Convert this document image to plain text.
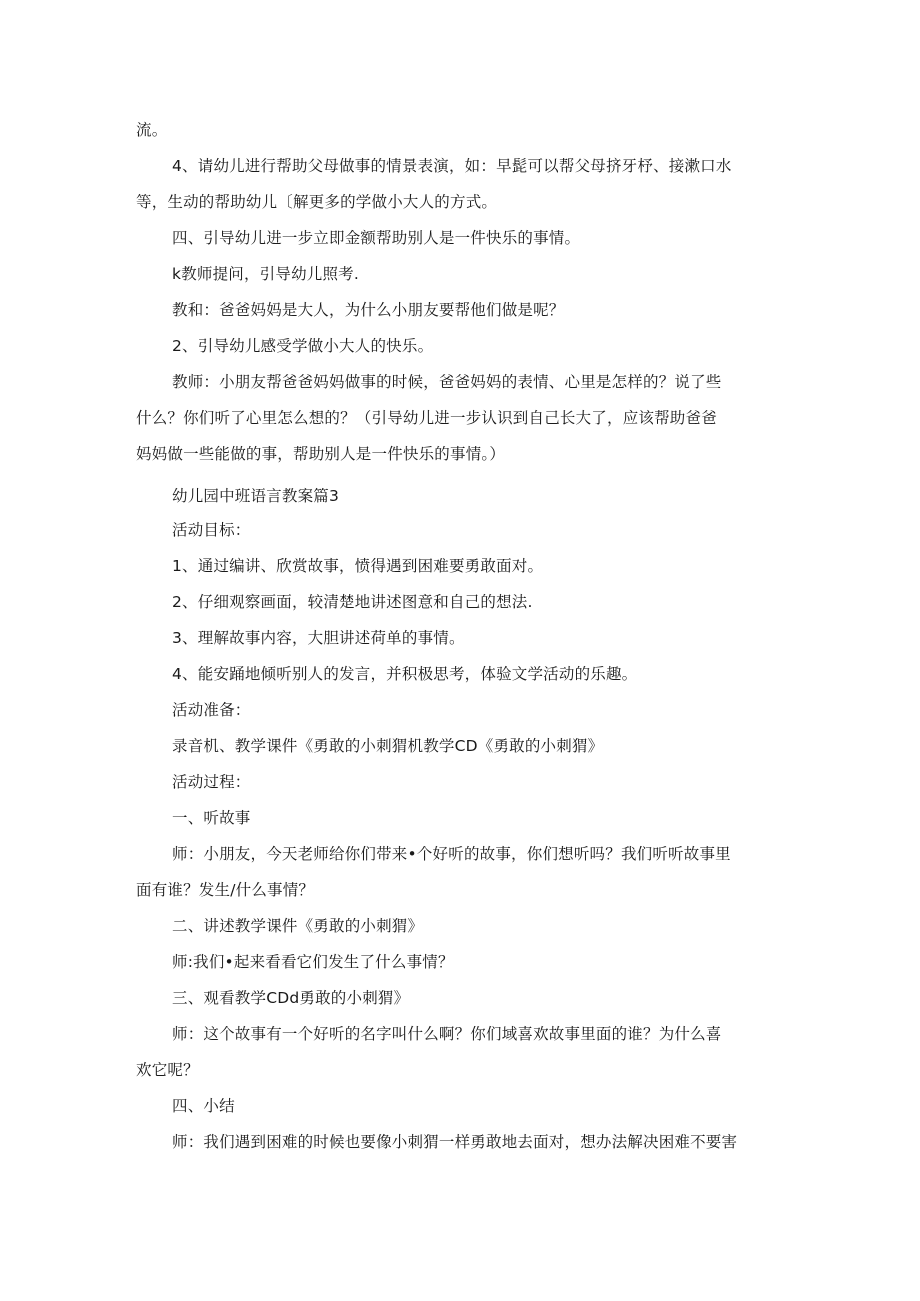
流。

4、请幼儿进行帮助父母做事的情景表演，如：早髭可以帮父母挤牙杼、接漱口水

等，生动的帮助幼儿〔解更多的学做小大人的方式。

四、引导幼儿进一步立即金额帮助别人是一件快乐的事情。

k教师提问，引导幼儿照考.

教和：爸爸妈妈是大人，为什么小朋友要帮他们做是呢？

2、引导幼儿感受学做小大人的快乐。

教师：小朋友帮爸爸妈妈做事的时候，爸爸妈妈的表情、心里是怎样的？说了些

什么？你们听了心里怎么想的？（引导幼儿进一步认识到自己长大了，应该帮助爸爸

妈妈做一些能做的事，帮助别人是一件快乐的事情。）

幼儿园中班语言教案篇3

活动目标：

1、通过编讲、欣赏故事，愤得遇到困难要勇敢面对。

2、仔细观察画面，较清楚地讲述图意和自己的想法.

3、理解故事内容，大胆讲述荷单的事情。

4、能安踊地倾听别人的发言，并积极思考，体验文学活动的乐趣。

活动准备：

录音机、教学课件《勇敢的小刺猬机教学CD《勇敢的小刺猬》

活动过程：

一、听故事

师：小朋友，今天老师给你们带来•个好听的故事，你们想听吗？我们听听故事里

面有谁？发生/什么事情？

二、讲述教学课件《勇敢的小刺猬》

师:我们•起来看看它们发生了什么事情？

三、观看教学CDd勇敢的小刺猬》

师：这个故事有一个好听的名字叫什么啊？你们域喜欢故事里面的谁？为什么喜

欢它呢？

四、小结

师：我们遇到困难的时候也要像小刺猬一样勇敢地去面对，想办法解决困难不要害
